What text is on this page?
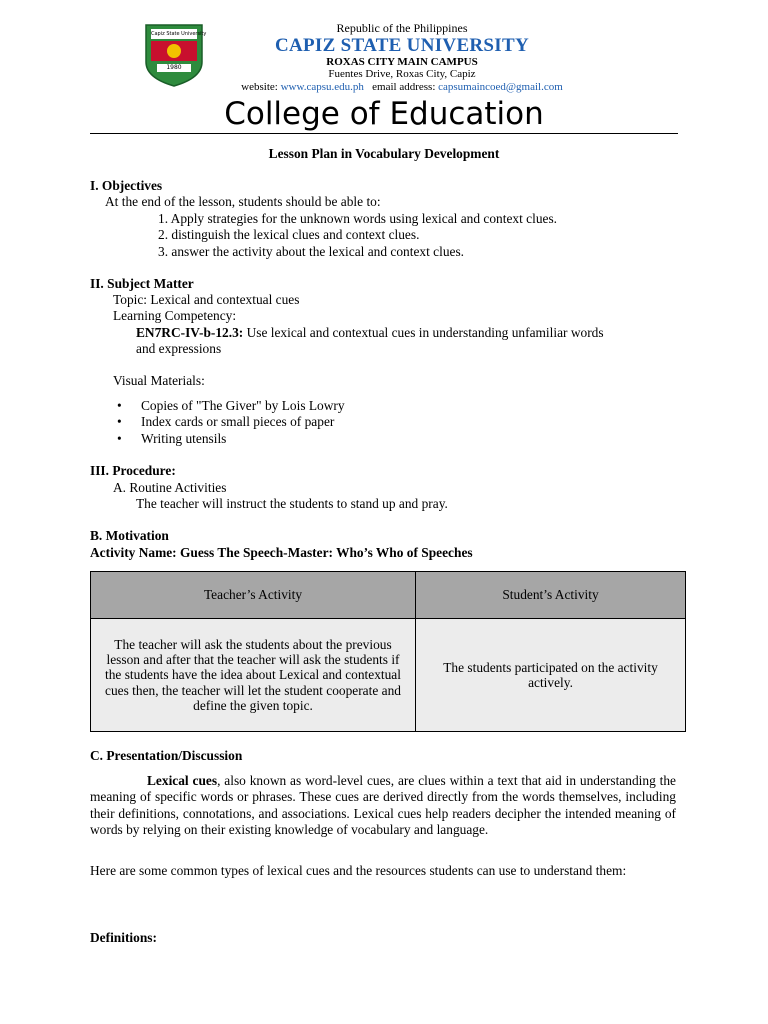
Capiz State University
1980
Republic of the Philippines
CAPIZ STATE UNIVERSITY
ROXAS CITY MAIN CAMPUS
Fuentes Drive, Roxas City, Capiz
website: www.capsu.edu.ph email address: capsumaincoed@gmail.com
College of Education
Lesson Plan in Vocabulary Development
I. Objectives
At the end of the lesson, students should be able to:
1. Apply strategies for the unknown words using lexical and context clues.
2. distinguish the lexical clues and context clues.
3. answer the activity about the lexical and context clues.
II. Subject Matter
Topic: Lexical and contextual cues
Learning Competency:
EN7RC-IV-b-12.3: Use lexical and contextual cues in understanding unfamiliar words
and expressions
Visual Materials:
• Copies of "The Giver" by Lois Lowry
• Index cards or small pieces of paper
• Writing utensils
III. Procedure:
A. Routine Activities
The teacher will instruct the students to stand up and pray.
B. Motivation
Activity Name: Guess The Speech-Master: Who’s Who of Speeches
Teacher’s Activity	Student’s Activity
The teacher will ask the students about the previous lesson and after that the teacher will ask the students if the students have the idea about Lexical and contextual cues then, the teacher will let the student cooperate and define the given topic.	The students participated on the activity actively.
C. Presentation/Discussion
Lexical cues, also known as word-level cues, are clues within a text that aid in understanding the meaning of specific words or phrases. These cues are derived directly from the words themselves, including their definitions, connotations, and associations. Lexical cues help readers decipher the intended meaning of words by relying on their existing knowledge of vocabulary and language.
Here are some common types of lexical cues and the resources students can use to understand them:
Definitions:
